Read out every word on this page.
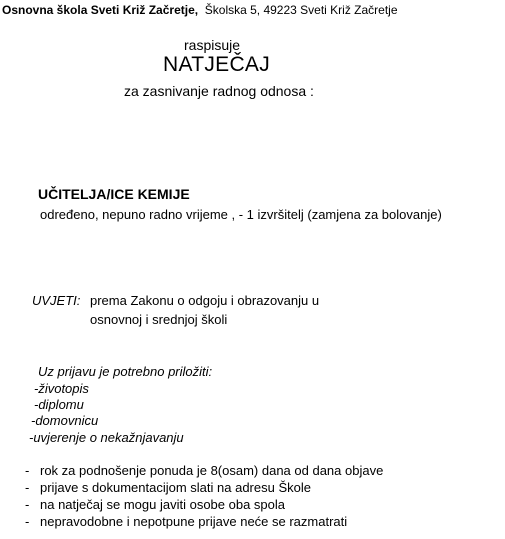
Osnovna škola Sveti Križ Začretje, Školska 5, 49223 Sveti Križ Začretje
raspisuje
NATJEČAJ
za zasnivanje radnog odnosa :
UČITELJA/ICE KEMIJE
određeno, nepuno radno vrijeme , - 1 izvršitelj (zamjena za bolovanje)
UVJETI: prema Zakonu o odgoju i obrazovanju u
osnovnoj i srednjoj školi
Uz prijavu je potrebno priložiti:
-životopis
-diplomu
-domovnicu
-uvjerenje o nekažnjavanju
- rok za podnošenje ponuda je 8(osam) dana od dana objave
- prijave s dokumentacijom slati na adresu Škole
- na natječaj se mogu javiti osobe oba spola
- nepravodobne i nepotpune prijave neće se razmatrati
